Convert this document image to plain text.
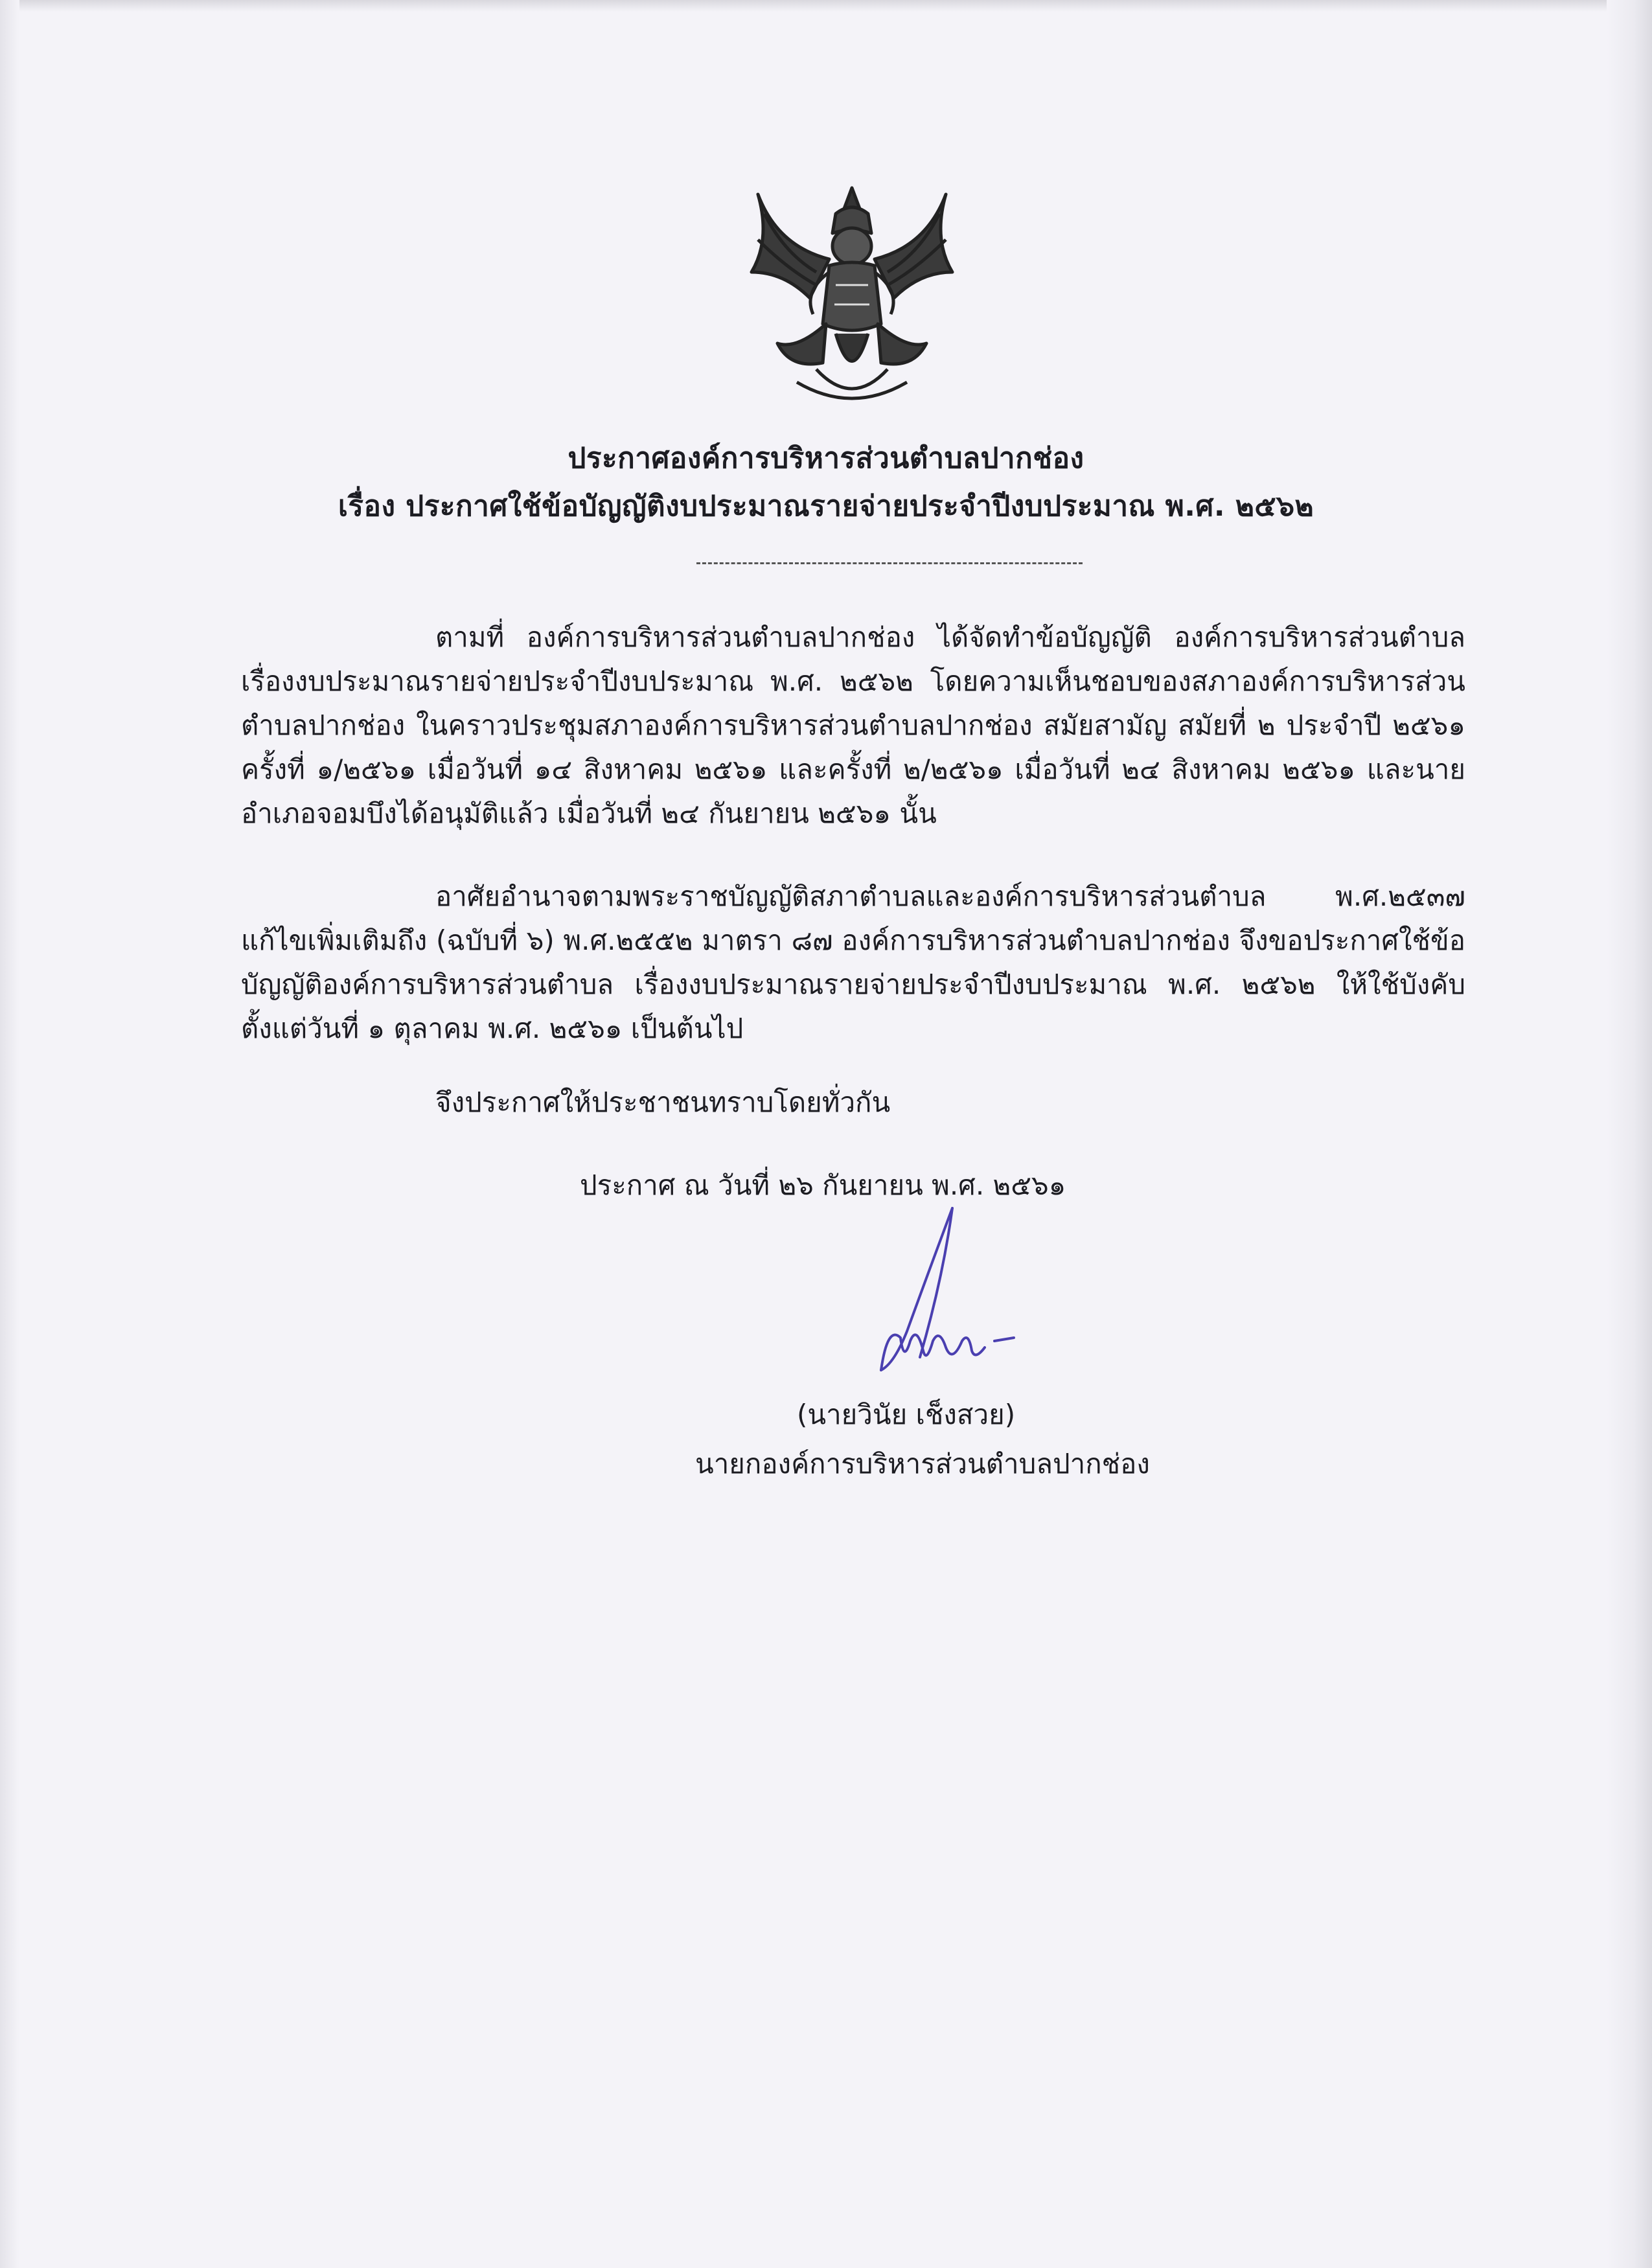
ประกาศองค์การบริหารส่วนตำบลปากช่อง
เรื่อง ประกาศใช้ข้อบัญญัติงบประมาณรายจ่ายประจำปีงบประมาณ พ.ศ. ๒๕๖๒
ตามที่ องค์การบริหารส่วนตำบลปากช่อง ได้จัดทำข้อบัญญัติ องค์การบริหารส่วนตำบล เรื่องงบประมาณรายจ่ายประจำปีงบประมาณ พ.ศ. ๒๕๖๒ โดยความเห็นชอบของสภาองค์การบริหารส่วนตำบลปากช่อง ในคราวประชุมสภาองค์การบริหารส่วนตำบลปากช่อง สมัยสามัญ สมัยที่ ๒ ประจำปี ๒๕๖๑ ครั้งที่ ๑/๒๕๖๑ เมื่อวันที่ ๑๔ สิงหาคม ๒๕๖๑ และครั้งที่ ๒/๒๕๖๑ เมื่อวันที่ ๒๔ สิงหาคม ๒๕๖๑ และนายอำเภอจอมบึงได้อนุมัติแล้ว เมื่อวันที่ ๒๔ กันยายน ๒๕๖๑ นั้น
อาศัยอำนาจตามพระราชบัญญัติสภาตำบลและองค์การบริหารส่วนตำบล พ.ศ.๒๕๓๗ แก้ไขเพิ่มเติมถึง (ฉบับที่ ๖) พ.ศ.๒๕๕๒ มาตรา ๘๗ องค์การบริหารส่วนตำบลปากช่อง จึงขอประกาศใช้ข้อบัญญัติองค์การบริหารส่วนตำบล เรื่องงบประมาณรายจ่ายประจำปีงบประมาณ พ.ศ. ๒๕๖๒ ให้ใช้บังคับตั้งแต่วันที่ ๑ ตุลาคม พ.ศ. ๒๕๖๑ เป็นต้นไป
จึงประกาศให้ประชาชนทราบโดยทั่วกัน
ประกาศ ณ วันที่ ๒๖ กันยายน พ.ศ. ๒๕๖๑
(นายวินัย เช็งสวย)
นายกองค์การบริหารส่วนตำบลปากช่อง
